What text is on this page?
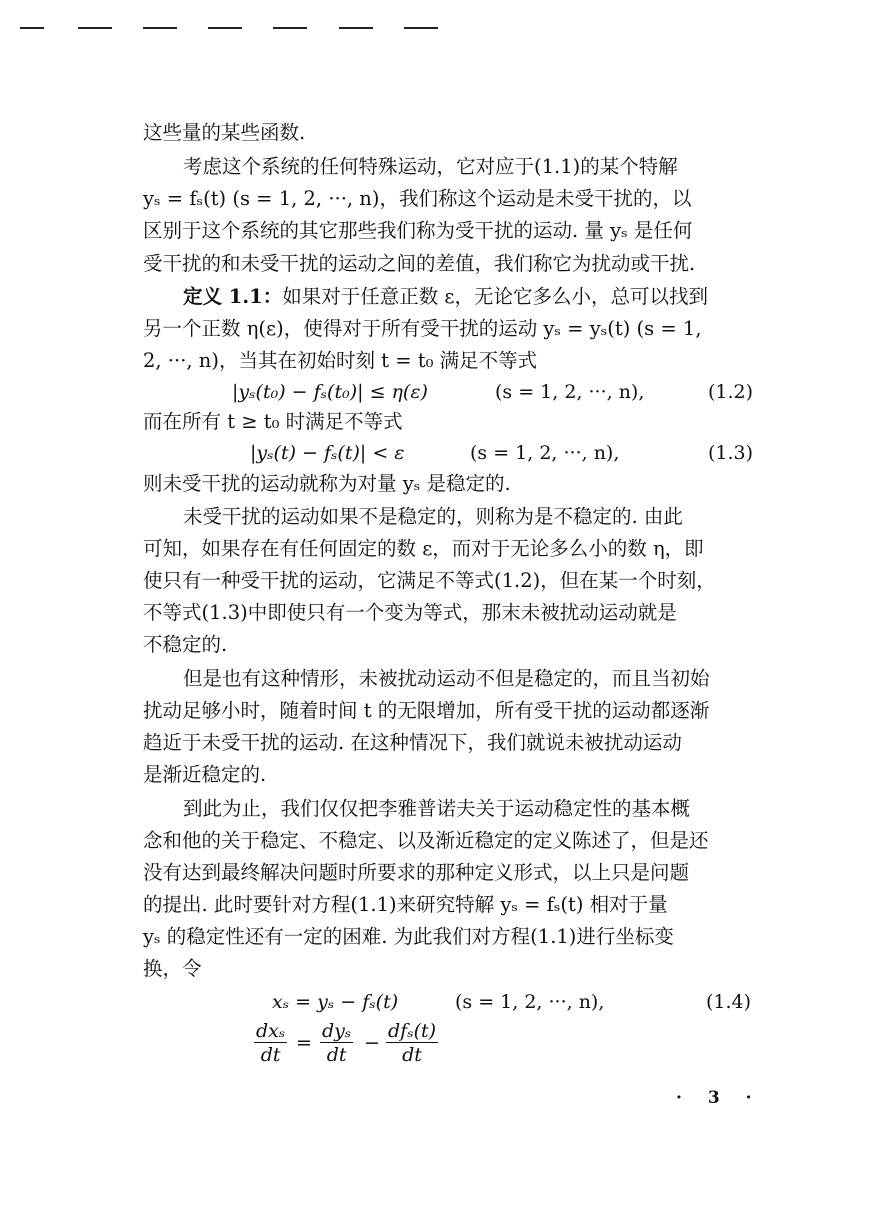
这些量的某些函数.
考虑这个系统的任何特殊运动，它对应于(1.1)的某个特解
yₛ = fₛ(t) (s = 1, 2, ···, n)，我们称这个运动是未受干扰的，以
区别于这个系统的其它那些我们称为受干扰的运动. 量 yₛ 是任何
受干扰的和未受干扰的运动之间的差值，我们称它为扰动或干扰.
定义 1.1：如果对于任意正数 ε，无论它多么小，总可以找到
另一个正数 η(ε)，使得对于所有受干扰的运动 yₛ = yₛ(t) (s = 1,
2, ···, n)，当其在初始时刻 t = t₀ 满足不等式
|yₛ(t₀) − fₛ(t₀)| ≤ η(ε)	(s = 1, 2, ···, n),	(1.2)
而在所有 t ≥ t₀ 时满足不等式
|yₛ(t) − fₛ(t)| < ε	(s = 1, 2, ···, n),	(1.3)
则未受干扰的运动就称为对量 yₛ 是稳定的.
未受干扰的运动如果不是稳定的，则称为是不稳定的. 由此
可知，如果存在有任何固定的数 ε，而对于无论多么小的数 η，即
使只有一种受干扰的运动，它满足不等式(1.2)，但在某一个时刻，
不等式(1.3)中即使只有一个变为等式，那末未被扰动运动就是
不稳定的.
但是也有这种情形，未被扰动运动不但是稳定的，而且当初始
扰动足够小时，随着时间 t 的无限增加，所有受干扰的运动都逐渐
趋近于未受干扰的运动. 在这种情况下，我们就说未被扰动运动
是渐近稳定的.
到此为止，我们仅仅把李雅普诺夫关于运动稳定性的基本概
念和他的关于稳定、不稳定、以及渐近稳定的定义陈述了，但是还
没有达到最终解决问题时所要求的那种定义形式，以上只是问题
的提出. 此时要针对方程(1.1)来研究特解 yₛ = fₛ(t) 相对于量
yₛ 的稳定性还有一定的困难. 为此我们对方程(1.1)进行坐标变
换，令
xₛ = yₛ − fₛ(t)	(s = 1, 2, ···, n),	(1.4)
dxₛ
dt
=
dyₛ
dt
−
dfₛ(t)
dt
· 3 ·
